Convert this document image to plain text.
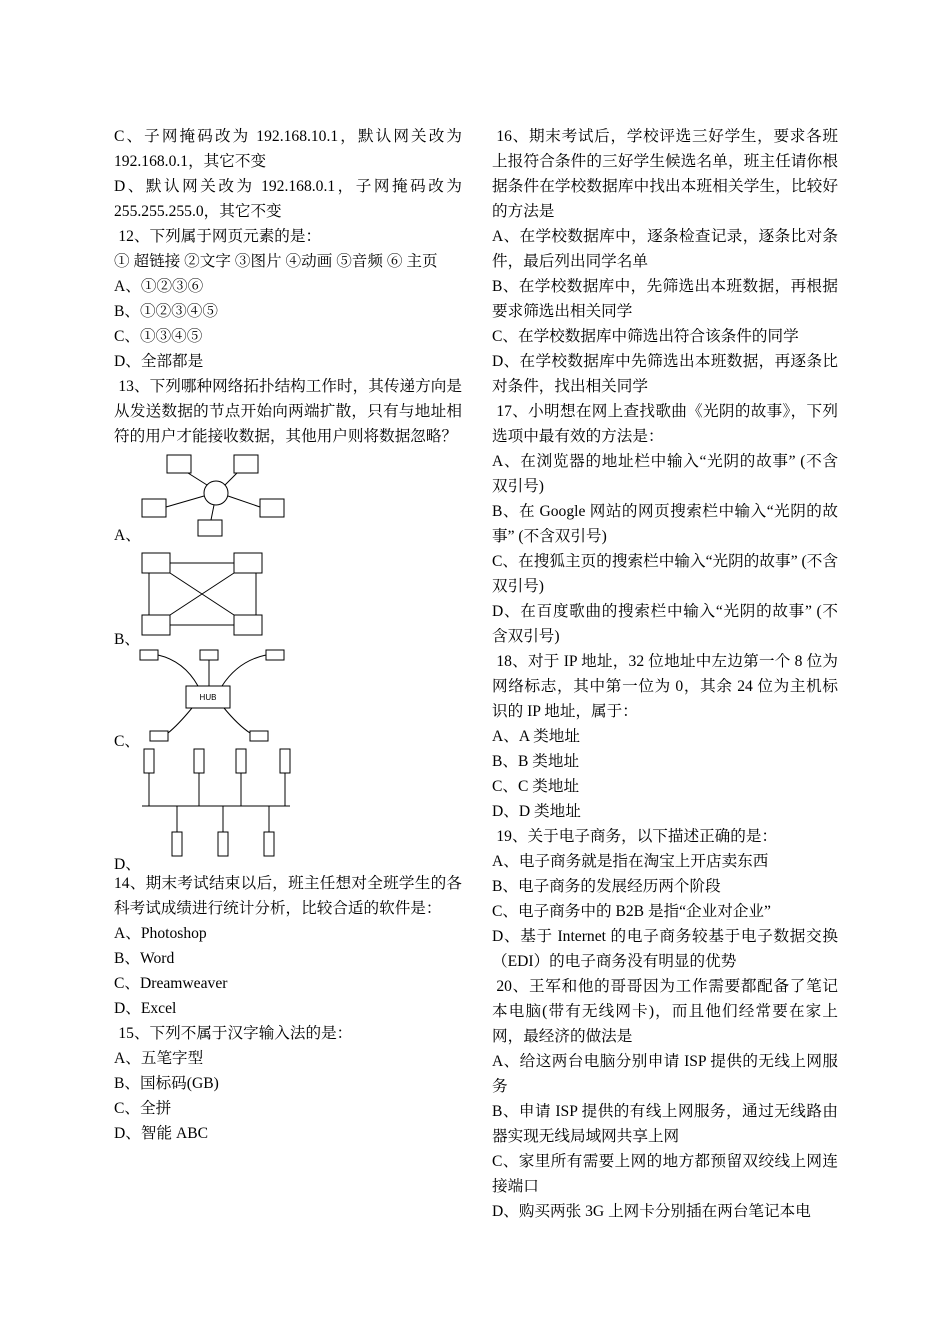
C、子网掩码改为 192.168.10.1，默认网关改为 192.168.0.1，其它不变

D、默认网关改为 192.168.0.1，子网掩码改为 255.255.255.0，其它不变

12、下列属于网页元素的是：

① 超链接 ②文字 ③图片 ④动画 ⑤音频 ⑥ 主页

A、①②③⑥

B、①②③④⑤

C、①③④⑤

D、全部都是

13、下列哪种网络拓扑结构工作时，其传递方向是从发送数据的节点开始向两端扩散，只有与地址相符的用户才能接收数据，其他用户则将数据忽略？

HUB
A、
B、
C、
D、

14、期末考试结束以后，班主任想对全班学生的各科考试成绩进行统计分析，比较合适的软件是：

A、Photoshop

B、Word

C、Dreamweaver

D、Excel

15、下列不属于汉字输入法的是：

A、五笔字型

B、国标码(GB)

C、全拼

D、智能 ABC

16、期末考试后，学校评选三好学生，要求各班上报符合条件的三好学生候选名单，班主任请你根据条件在学校数据库中找出本班相关学生，比较好的方法是

A、在学校数据库中，逐条检查记录，逐条比对条件，最后列出同学名单

B、在学校数据库中，先筛选出本班数据，再根据要求筛选出相关同学

C、在学校数据库中筛选出符合该条件的同学

D、在学校数据库中先筛选出本班数据，再逐条比对条件，找出相关同学

17、小明想在网上查找歌曲《光阴的故事》，下列选项中最有效的方法是：

A、在浏览器的地址栏中输入“光阴的故事” (不含双引号)

B、在 Google 网站的网页搜索栏中输入“光阴的故事” (不含双引号)

C、在搜狐主页的搜索栏中输入“光阴的故事” (不含双引号)

D、在百度歌曲的搜索栏中输入“光阴的故事” (不含双引号)

18、对于 IP 地址，32 位地址中左边第一个 8 位为网络标志，其中第一位为 0，其余 24 位为主机标识的 IP 地址，属于：

A、A 类地址

B、B 类地址

C、C 类地址

D、D 类地址

19、关于电子商务，以下描述正确的是：

A、电子商务就是指在淘宝上开店卖东西

B、电子商务的发展经历两个阶段

C、电子商务中的 B2B 是指“企业对企业”

D、基于 Internet 的电子商务较基于电子数据交换（EDI）的电子商务没有明显的优势

20、王军和他的哥哥因为工作需要都配备了笔记本电脑(带有无线网卡)，而且他们经常要在家上网，最经济的做法是

A、给这两台电脑分别申请 ISP 提供的无线上网服务

B、申请 ISP 提供的有线上网服务，通过无线路由器实现无线局域网共享上网

C、家里所有需要上网的地方都预留双绞线上网连接端口

D、购买两张 3G 上网卡分别插在两台笔记本电
